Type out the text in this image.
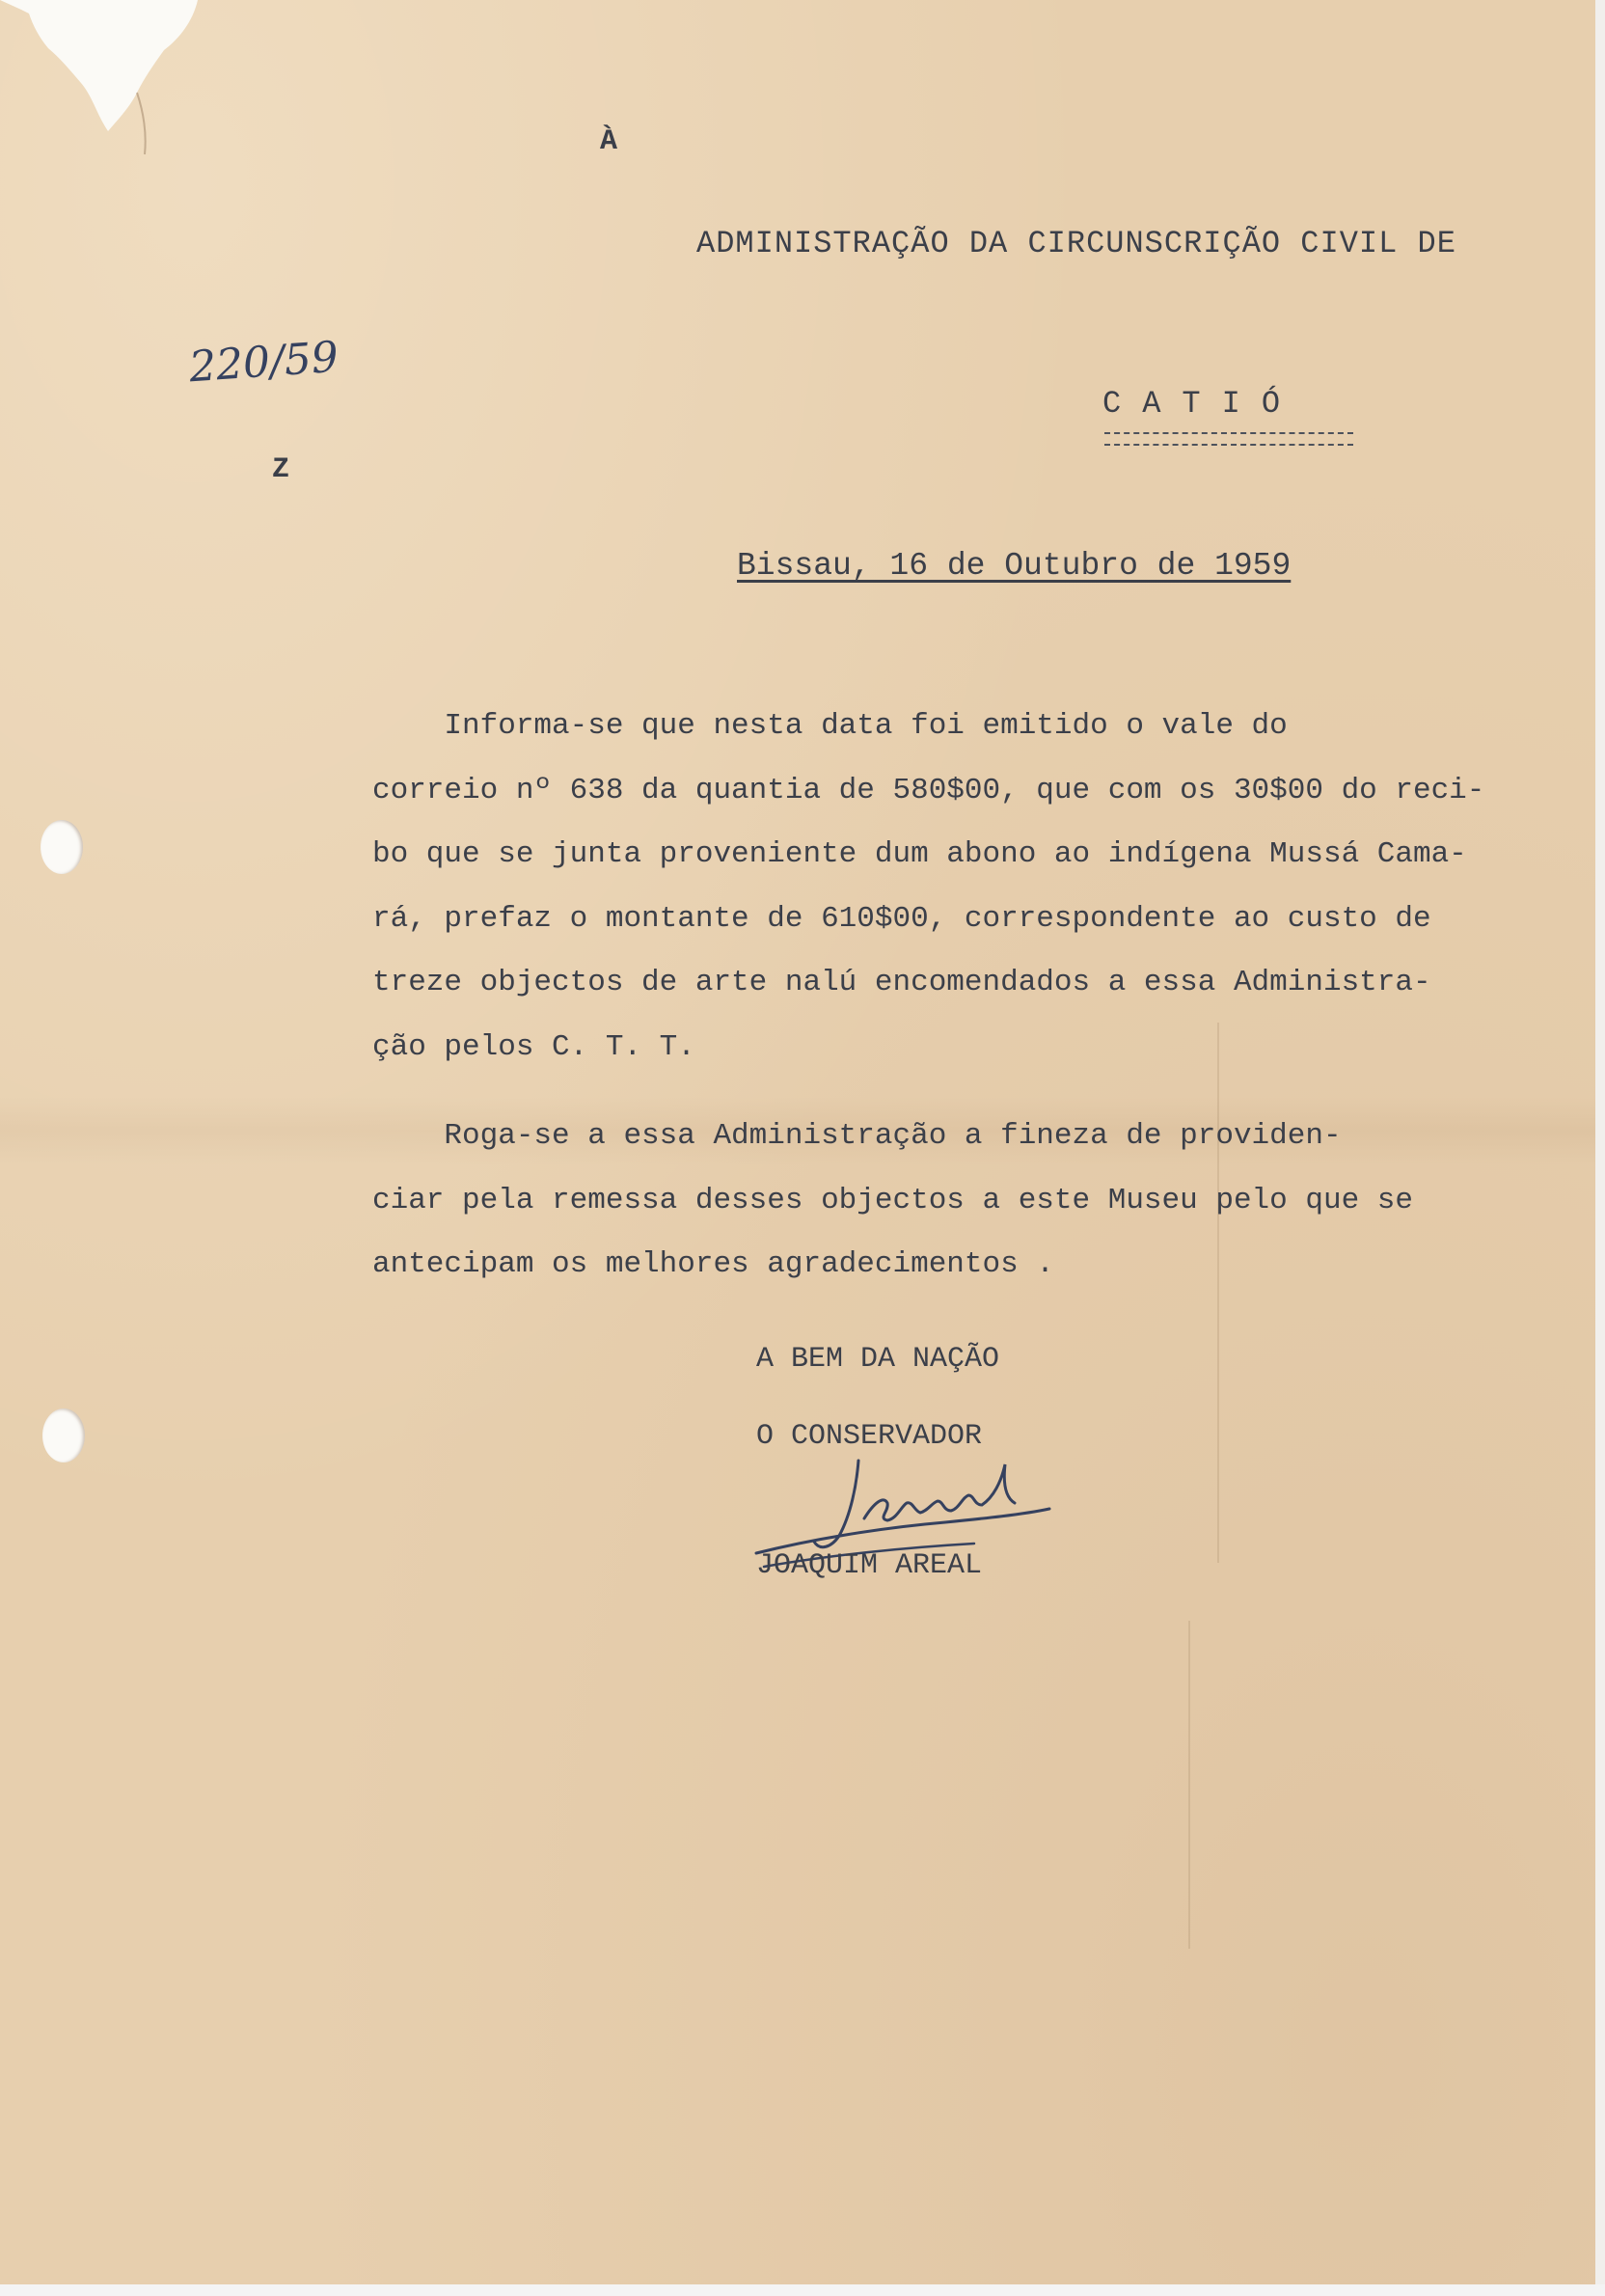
À

ADMINISTRAÇÃO DA CIRCUNSCRIÇÃO CIVIL DE

CATIÓ

220/59

Z

Bissau, 16 de Outubro de 1959

Informa-se que nesta data foi emitido o vale do
correio nº 638 da quantia de 580$00, que com os 30$00 do reci-
bo que se junta proveniente dum abono ao indígena Mussá Cama-
rá, prefaz o montante de 610$00, correspondente ao custo de
treze objectos de arte nalú encomendados a essa Administra-
ção pelos C. T. T.
Roga-se a essa Administração a fineza de providen-
ciar pela remessa desses objectos a este Museu pelo que se
antecipam os melhores agradecimentos .

A BEM DA NAÇÃO

O CONSERVADOR

JOAQUIM AREAL
